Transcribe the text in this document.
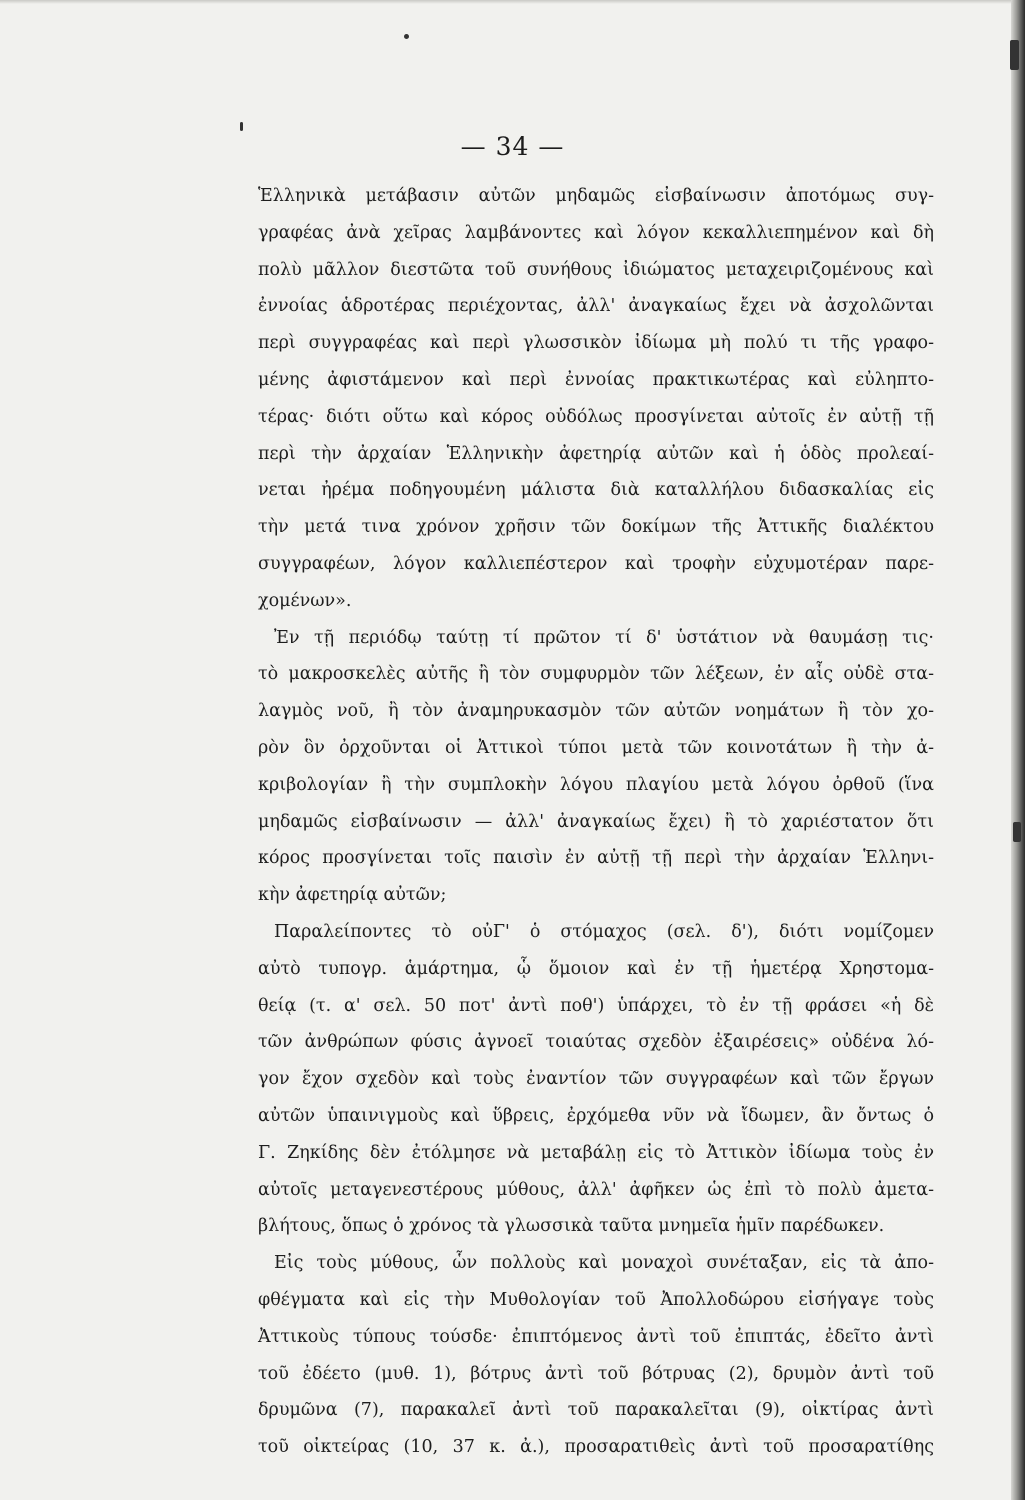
— 34 —
Ἑλληνικὰ μετάβασιν αὐτῶν μηδαμῶς εἰσβαίνωσιν ἀποτόμως συγ-
γραφέας ἀνὰ χεῖρας λαμβάνοντες καὶ λόγον κεκαλλιεπημένον καὶ δὴ
πολὺ μᾶλλον διεστῶτα τοῦ συνήθους ἰδιώματος μεταχειριζομένους καὶ
ἐννοίας ἁδροτέρας περιέχοντας, ἀλλ' ἀναγκαίως ἔχει νὰ ἀσχολῶνται
περὶ συγγραφέας καὶ περὶ γλωσσικὸν ἰδίωμα μὴ πολύ τι τῆς γραφο-
μένης ἀφιστάμενον καὶ περὶ ἐννοίας πρακτικωτέρας καὶ εὐληπτο-
τέρας· διότι οὕτω καὶ κόρος οὐδόλως προσγίνεται αὐτοῖς ἐν αὐτῇ τῇ
περὶ τὴν ἀρχαίαν Ἑλληνικὴν ἀφετηρίᾳ αὐτῶν καὶ ἡ ὁδὸς προλεαί-
νεται ἠρέμα ποδηγουμένη μάλιστα διὰ καταλλήλου διδασκαλίας εἰς
τὴν μετά τινα χρόνον χρῆσιν τῶν δοκίμων τῆς Ἀττικῆς διαλέκτου
συγγραφέων, λόγον καλλιεπέστερον καὶ τροφὴν εὐχυμοτέραν παρε-
χομένων».
Ἐν τῇ περιόδῳ ταύτῃ τί πρῶτον τί δ' ὑστάτιον νὰ θαυμάσῃ τις·
τὸ μακροσκελὲς αὐτῆς ἢ τὸν συμφυρμὸν τῶν λέξεων, ἐν αἷς οὐδὲ στα-
λαγμὸς νοῦ, ἢ τὸν ἀναμηρυκασμὸν τῶν αὐτῶν νοημάτων ἢ τὸν χο-
ρὸν ὃν ὀρχοῦνται οἱ Ἀττικοὶ τύποι μετὰ τῶν κοινοτάτων ἢ τὴν ἀ-
κριβολογίαν ἢ τὴν συμπλοκὴν λόγου πλαγίου μετὰ λόγου ὀρθοῦ (ἵνα
μηδαμῶς εἰσβαίνωσιν — ἀλλ' ἀναγκαίως ἔχει) ἢ τὸ χαριέστατον ὅτι
κόρος προσγίνεται τοῖς παισὶν ἐν αὐτῇ τῇ περὶ τὴν ἀρχαίαν Ἑλληνι-
κὴν ἀφετηρίᾳ αὐτῶν;
Παραλείποντες τὸ οὐΓ' ὁ στόμαχος (σελ. δ'), διότι νομίζομεν
αὐτὸ τυπογρ. ἁμάρτημα, ᾧ ὅμοιον καὶ ἐν τῇ ἡμετέρᾳ Χρηστομα-
θείᾳ (τ. α' σελ. 50 ποτ' ἀντὶ ποθ') ὑπάρχει, τὸ ἐν τῇ φράσει «ἡ δὲ
τῶν ἀνθρώπων φύσις ἀγνοεῖ τοιαύτας σχεδὸν ἐξαιρέσεις» οὐδένα λό-
γον ἔχον σχεδὸν καὶ τοὺς ἐναντίον τῶν συγγραφέων καὶ τῶν ἔργων
αὐτῶν ὑπαινιγμοὺς καὶ ὕβρεις, ἐρχόμεθα νῦν νὰ ἴδωμεν, ἂν ὄντως ὁ
Γ. Ζηκίδης δὲν ἐτόλμησε νὰ μεταβάλῃ εἰς τὸ Ἀττικὸν ἰδίωμα τοὺς ἐν
αὐτοῖς μεταγενεστέρους μύθους, ἀλλ' ἀφῆκεν ὡς ἐπὶ τὸ πολὺ ἀμετα-
βλήτους, ὅπως ὁ χρόνος τὰ γλωσσικὰ ταῦτα μνημεῖα ἡμῖν παρέδωκεν.
Εἰς τοὺς μύθους, ὧν πολλοὺς καὶ μοναχοὶ συνέταξαν, εἰς τὰ ἀπο-
φθέγματα καὶ εἰς τὴν Μυθολογίαν τοῦ Ἀπολλοδώρου εἰσήγαγε τοὺς
Ἀττικοὺς τύπους τούσδε· ἐπιπτόμενος ἀντὶ τοῦ ἐπιπτάς, ἐδεῖτο ἀντὶ
τοῦ ἐδέετο (μυθ. 1), βότρυς ἀντὶ τοῦ βότρυας (2), δρυμὸν ἀντὶ τοῦ
δρυμῶνα (7), παρακαλεῖ ἀντὶ τοῦ παρακαλεῖται (9), οἰκτίρας ἀντὶ
τοῦ οἰκτείρας (10, 37 κ. ἀ.), προσαρατιθεὶς ἀντὶ τοῦ προσαρατίθης
